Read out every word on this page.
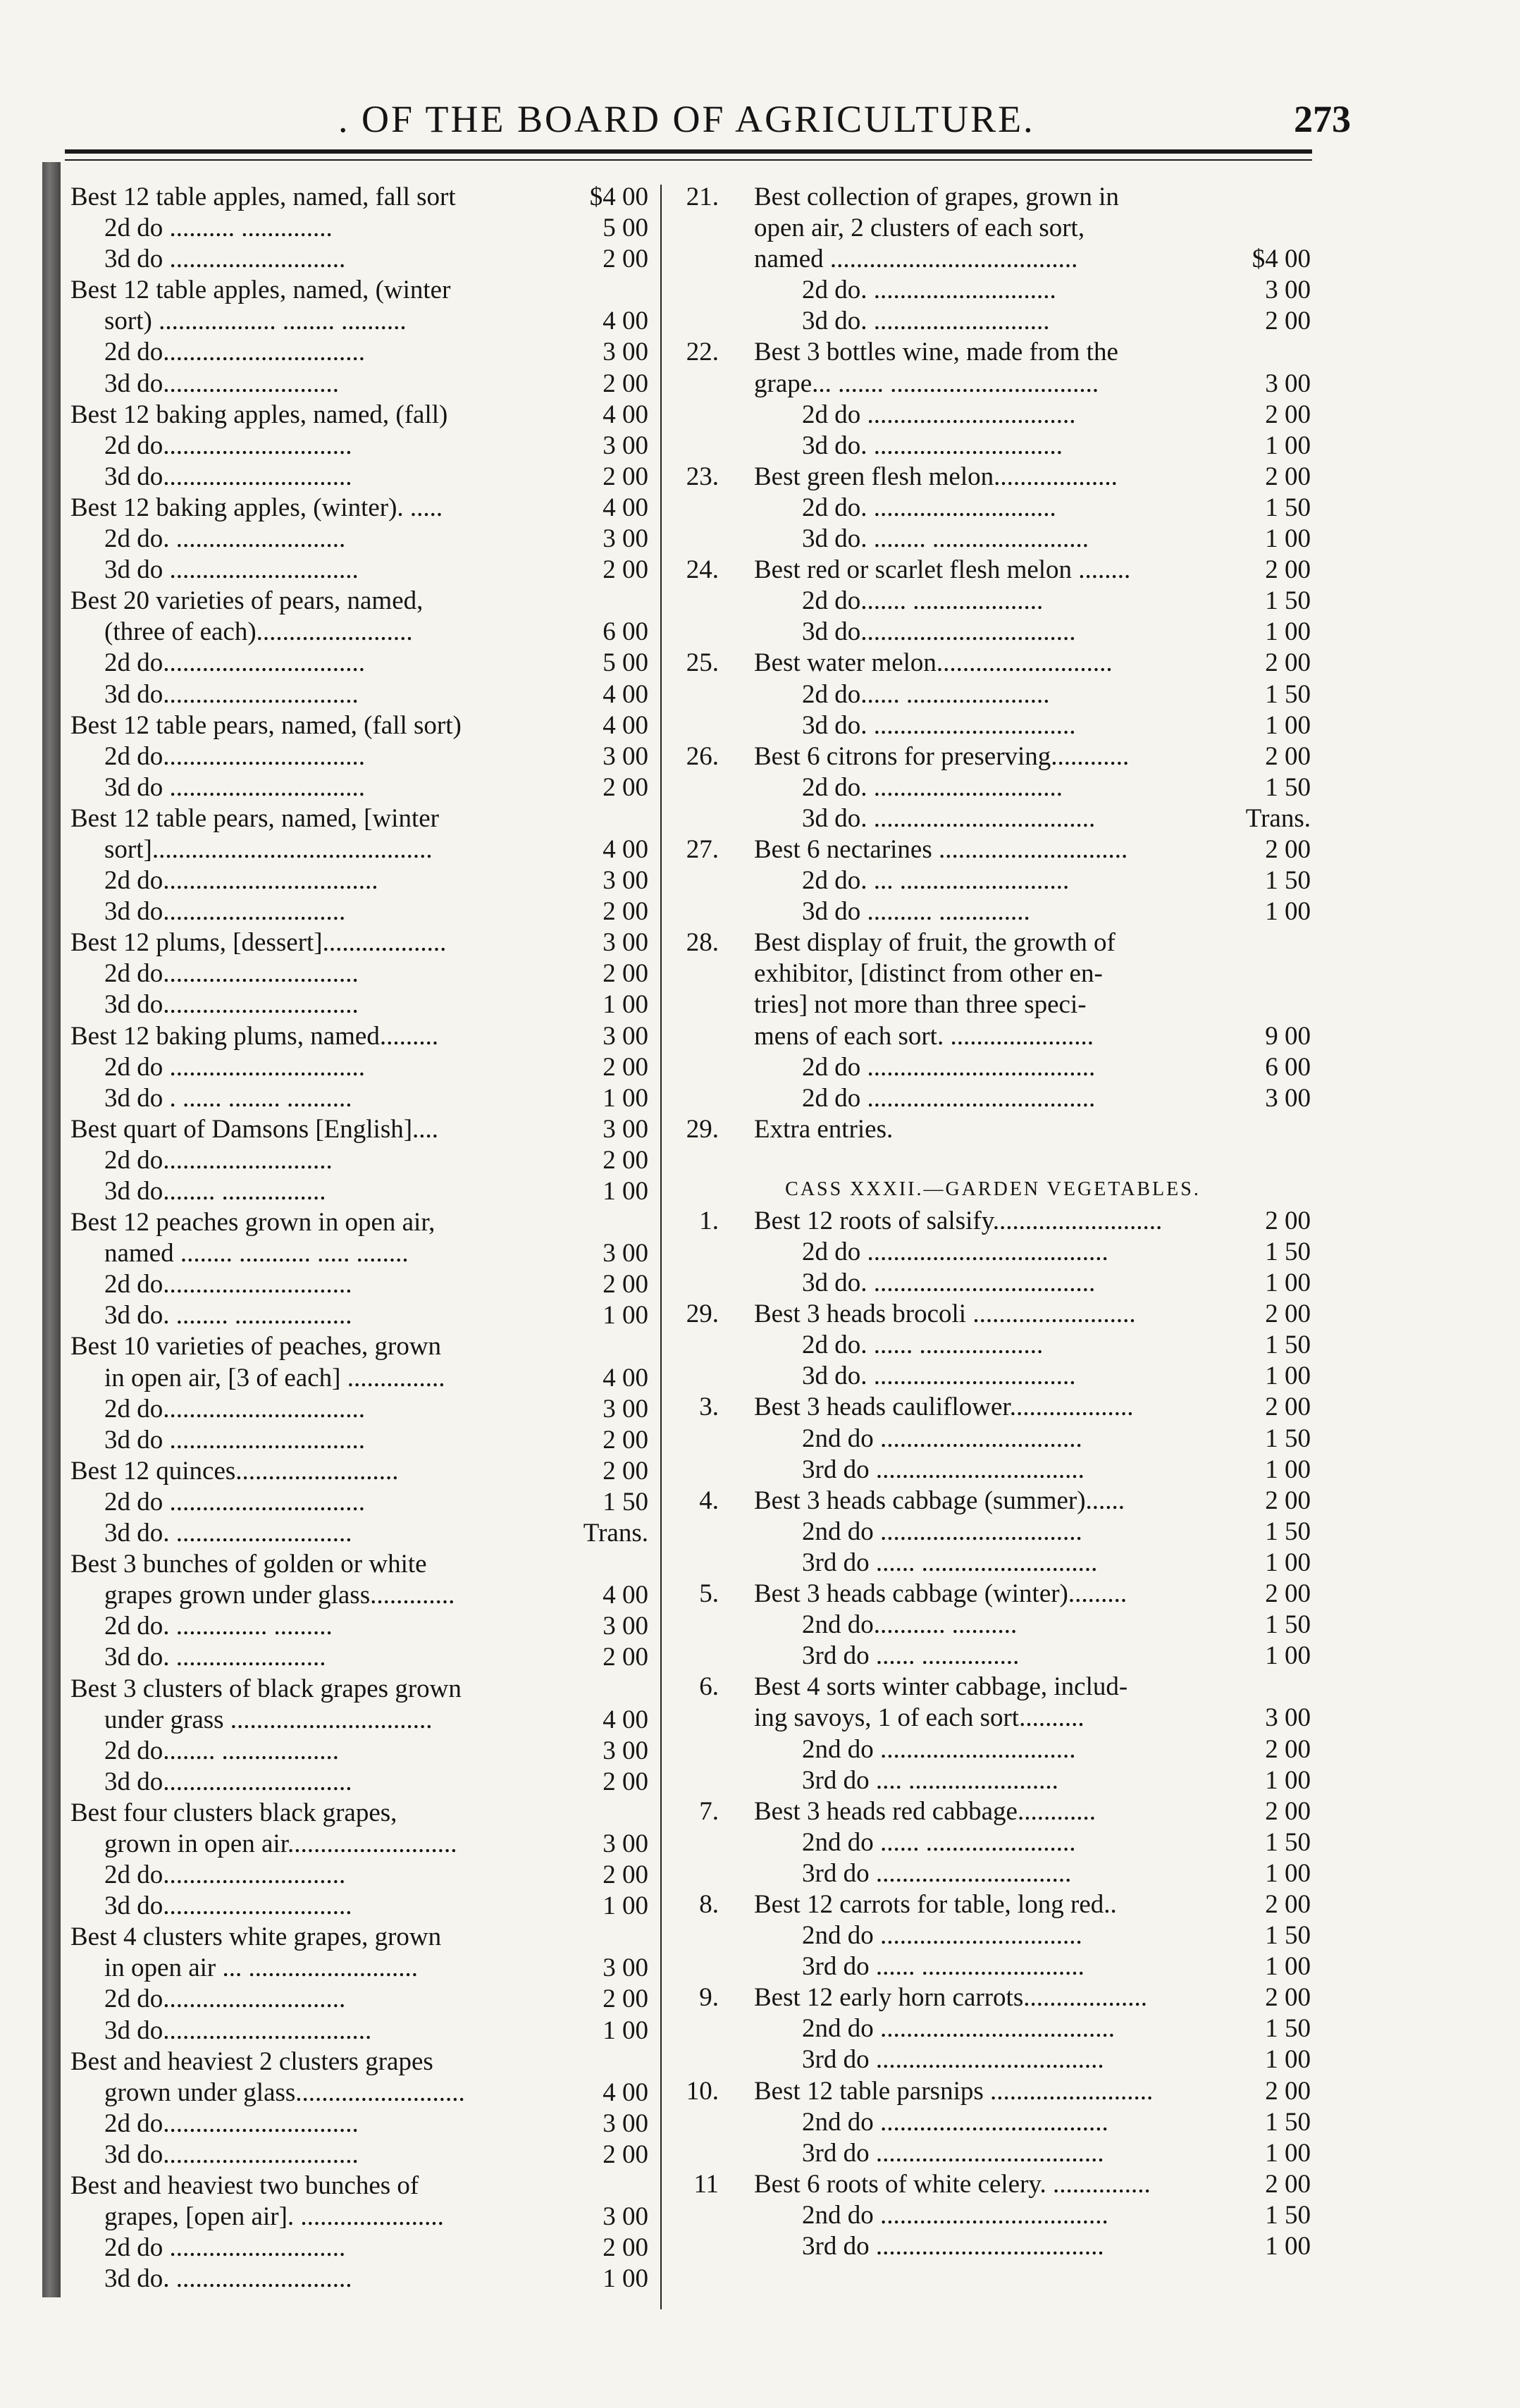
. OF THE BOARD OF AGRICULTURE.	273
Best 12 table apples, named, fall sort	$4 00
2d do .......... ..............	5 00
3d do ...........................	2 00
Best 12 table apples, named, (winter
sort) .................. ........ ..........	4 00
2d do...............................	3 00
3d do...........................	2 00
Best 12 baking apples, named, (fall)	4 00
2d do.............................	3 00
3d do.............................	2 00
Best 12 baking apples, (winter). .....	4 00
2d do. ..........................	3 00
3d do .............................	2 00
Best 20 varieties of pears, named,
(three of each)........................	6 00
2d do...............................	5 00
3d do..............................	4 00
Best 12 table pears, named, (fall sort)	4 00
2d do...............................	3 00
3d do ..............................	2 00
Best 12 table pears, named, [winter
sort]...........................................	4 00
2d do.................................	3 00
3d do............................	2 00
Best 12 plums, [dessert]...................	3 00
2d do..............................	2 00
3d do..............................	1 00
Best 12 baking plums, named.........	3 00
2d do ..............................	2 00
3d do . ...... ........ ..........	1 00
Best quart of Damsons [English]....	3 00
2d do..........................	2 00
3d do........ ................	1 00
Best 12 peaches grown in open air,
named ........ ........... ..... ........	3 00
2d do.............................	2 00
3d do. ........ ..................	1 00
Best 10 varieties of peaches, grown
in open air, [3 of each] ...............	4 00
2d do...............................	3 00
3d do ..............................	2 00
Best 12 quinces.........................	2 00
2d do ..............................	1 50
3d do. ...........................	Trans.
Best 3 bunches of golden or white
grapes grown under glass.............	4 00
2d do. .............. .........	3 00
3d do. .......................	2 00
Best 3 clusters of black grapes grown
under grass ...............................	4 00
2d do........ ..................	3 00
3d do.............................	2 00
Best four clusters black grapes,
grown in open air..........................	3 00
2d do............................	2 00
3d do.............................	1 00
Best 4 clusters white grapes, grown
in open air ... ..........................	3 00
2d do............................	2 00
3d do................................	1 00
Best and heaviest 2 clusters grapes
grown under glass..........................	4 00
2d do..............................	3 00
3d do..............................	2 00
Best and heaviest two bunches of
grapes, [open air]. ......................	3 00
2d do ...........................	2 00
3d do. ...........................	1 00
21. Best collection of grapes, grown in
open air, 2 clusters of each sort,
named ......................................	$4 00
2d do. ............................	3 00
3d do. ...........................	2 00
22. Best 3 bottles wine, made from the
grape... ....... ................................	3 00
2d do ................................	2 00
3d do. .............................	1 00
23. Best green flesh melon...................	2 00
2d do. ............................	1 50
3d do. ........ ........................	1 00
24. Best red or scarlet flesh melon ........	2 00
2d do....... ....................	1 50
3d do.................................	1 00
25. Best water melon...........................	2 00
2d do...... ......................	1 50
3d do. ...............................	1 00
26. Best 6 citrons for preserving............	2 00
2d do. .............................	1 50
3d do. ..................................	Trans.
27. Best 6 nectarines .............................	2 00
2d do. ... ..........................	1 50
3d do .......... ..............	1 00
28. Best display of fruit, the growth of
exhibitor, [distinct from other en-
tries] not more than three speci-
mens of each sort. ......................	9 00
2d do ...................................	6 00
2d do ...................................	3 00
29. Extra entries.
CASS XXXII.—GARDEN VEGETABLES.
1. Best 12 roots of salsify..........................	2 00
2d do .....................................	1 50
3d do. ..................................	1 00
29. Best 3 heads brocoli .........................	2 00
2d do. ...... ...................	1 50
3d do. ...............................	1 00
3. Best 3 heads cauliflower...................	2 00
2nd do ...............................	1 50
3rd do ................................	1 00
4. Best 3 heads cabbage (summer)......	2 00
2nd do ...............................	1 50
3rd do ...... ...........................	1 00
5. Best 3 heads cabbage (winter).........	2 00
2nd do........... ..........	1 50
3rd do ...... ...............	1 00
6. Best 4 sorts winter cabbage, includ-
ing savoys, 1 of each sort..........	3 00
2nd do ..............................	2 00
3rd do .... .......................	1 00
7. Best 3 heads red cabbage............	2 00
2nd do ...... .......................	1 50
3rd do ..............................	1 00
8. Best 12 carrots for table, long red..	2 00
2nd do ...............................	1 50
3rd do ...... .........................	1 00
9. Best 12 early horn carrots...................	2 00
2nd do ....................................	1 50
3rd do ...................................	1 00
10. Best 12 table parsnips .........................	2 00
2nd do ...................................	1 50
3rd do ...................................	1 00
11 Best 6 roots of white celery. ...............	2 00
2nd do ...................................	1 50
3rd do ...................................	1 00
